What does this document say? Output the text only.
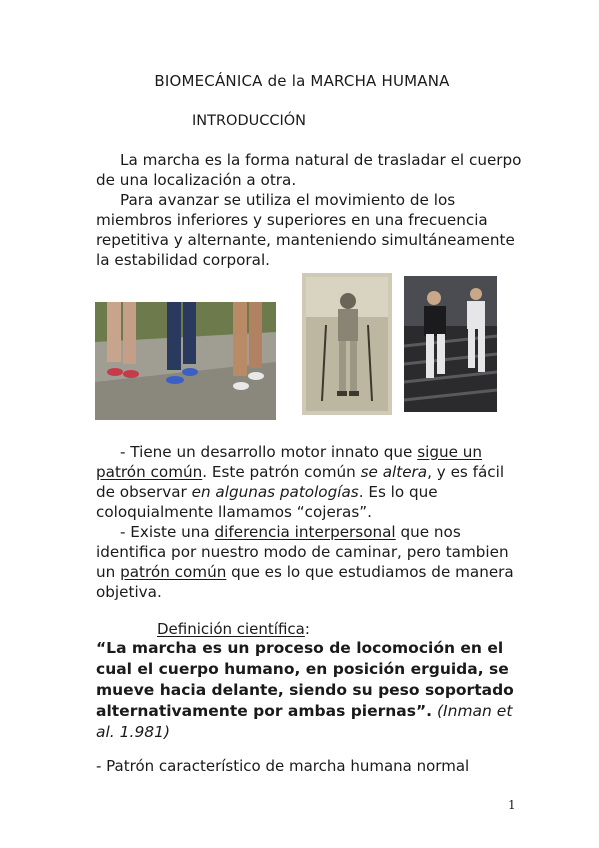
BIOMECÁNICA de la MARCHA HUMANA
INTRODUCCIÓN

La marcha es la forma natural de trasladar el cuerpo de una localización a otra.

Para avanzar se utiliza el movimiento de los miembros inferiores y superiores en una frecuencia repetitiva y alternante, manteniendo simultáneamente la estabilidad corporal.

- Tiene un desarrollo motor innato que sigue un patrón común. Este patrón común se altera, y es fácil de observar en algunas patologías. Es lo que coloquialmente llamamos “cojeras”.

- Existe una diferencia interpersonal que nos identifica por nuestro modo de caminar, pero tambien un patrón común que es lo que estudiamos de manera objetiva.

Definición científica:
“La marcha es un proceso de locomoción en el cual el cuerpo humano, en posición erguida, se mueve hacia delante, siendo su peso soportado alternativamente por ambas piernas”. (Inman et al. 1.981)
- Patrón característico de marcha humana normal
1
